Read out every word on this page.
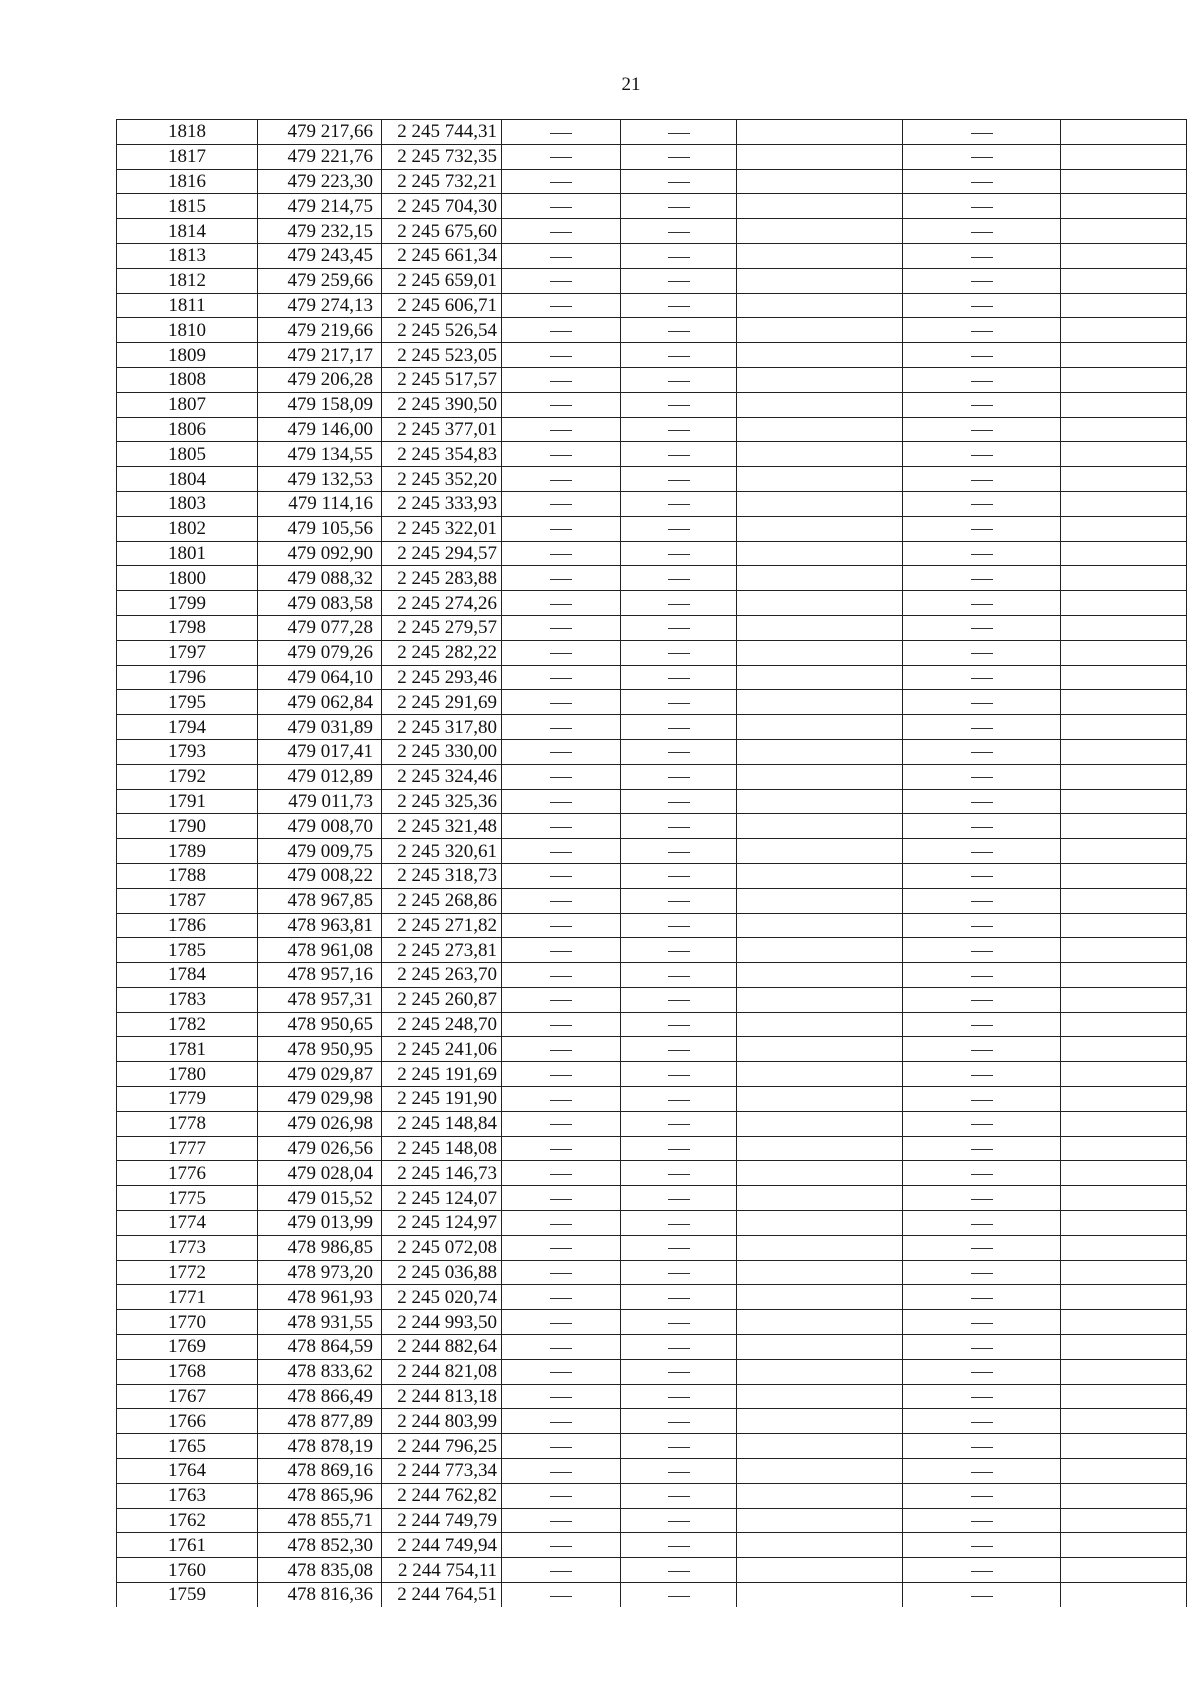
21
1818	479 217,66	2 245 744,31					
1817	479 221,76	2 245 732,35					
1816	479 223,30	2 245 732,21					
1815	479 214,75	2 245 704,30					
1814	479 232,15	2 245 675,60					
1813	479 243,45	2 245 661,34					
1812	479 259,66	2 245 659,01					
1811	479 274,13	2 245 606,71					
1810	479 219,66	2 245 526,54					
1809	479 217,17	2 245 523,05					
1808	479 206,28	2 245 517,57					
1807	479 158,09	2 245 390,50					
1806	479 146,00	2 245 377,01					
1805	479 134,55	2 245 354,83					
1804	479 132,53	2 245 352,20					
1803	479 114,16	2 245 333,93					
1802	479 105,56	2 245 322,01					
1801	479 092,90	2 245 294,57					
1800	479 088,32	2 245 283,88					
1799	479 083,58	2 245 274,26					
1798	479 077,28	2 245 279,57					
1797	479 079,26	2 245 282,22					
1796	479 064,10	2 245 293,46					
1795	479 062,84	2 245 291,69					
1794	479 031,89	2 245 317,80					
1793	479 017,41	2 245 330,00					
1792	479 012,89	2 245 324,46					
1791	479 011,73	2 245 325,36					
1790	479 008,70	2 245 321,48					
1789	479 009,75	2 245 320,61					
1788	479 008,22	2 245 318,73					
1787	478 967,85	2 245 268,86					
1786	478 963,81	2 245 271,82					
1785	478 961,08	2 245 273,81					
1784	478 957,16	2 245 263,70					
1783	478 957,31	2 245 260,87					
1782	478 950,65	2 245 248,70					
1781	478 950,95	2 245 241,06					
1780	479 029,87	2 245 191,69					
1779	479 029,98	2 245 191,90					
1778	479 026,98	2 245 148,84					
1777	479 026,56	2 245 148,08					
1776	479 028,04	2 245 146,73					
1775	479 015,52	2 245 124,07					
1774	479 013,99	2 245 124,97					
1773	478 986,85	2 245 072,08					
1772	478 973,20	2 245 036,88					
1771	478 961,93	2 245 020,74					
1770	478 931,55	2 244 993,50					
1769	478 864,59	2 244 882,64					
1768	478 833,62	2 244 821,08					
1767	478 866,49	2 244 813,18					
1766	478 877,89	2 244 803,99					
1765	478 878,19	2 244 796,25					
1764	478 869,16	2 244 773,34					
1763	478 865,96	2 244 762,82					
1762	478 855,71	2 244 749,79					
1761	478 852,30	2 244 749,94					
1760	478 835,08	2 244 754,11					
1759	478 816,36	2 244 764,51					
